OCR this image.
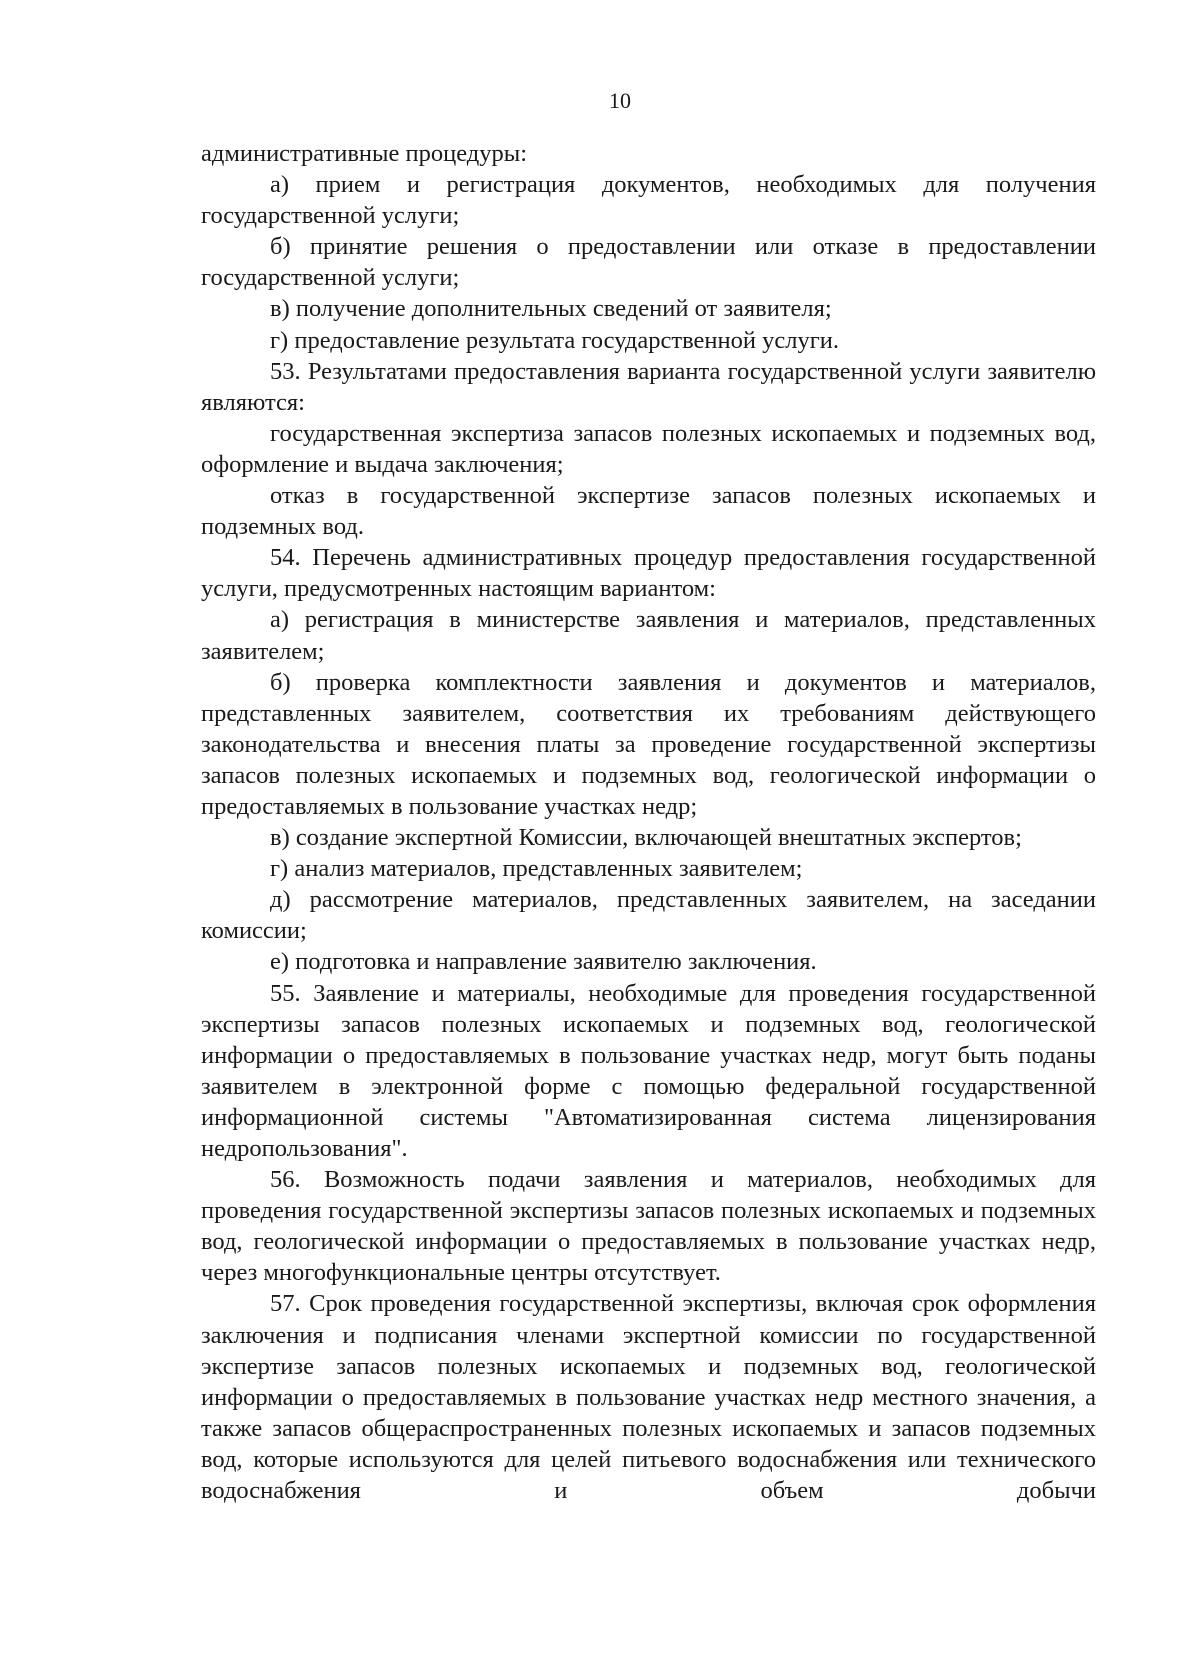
10

административные процедуры:

а) прием и регистрация документов, необходимых для получения государственной услуги;

б) принятие решения о предоставлении или отказе в предоставлении государственной услуги;

в) получение дополнительных сведений от заявителя;

г) предоставление результата государственной услуги.

53. Результатами предоставления варианта государственной услуги заявителю являются:

государственная экспертиза запасов полезных ископаемых и подземных вод, оформление и выдача заключения;

отказ в государственной экспертизе запасов полезных ископаемых и подземных вод.

54. Перечень административных процедур предоставления государственной услуги, предусмотренных настоящим вариантом:

а) регистрация в министерстве заявления и материалов, представленных заявителем;

б) проверка комплектности заявления и документов и материалов, представленных заявителем, соответствия их требованиям действующего законодательства и внесения платы за проведение государственной экспертизы запасов полезных ископаемых и подземных вод, геологической информации о предоставляемых в пользование участках недр;

в) создание экспертной Комиссии, включающей внештатных экспертов;

г) анализ материалов, представленных заявителем;

д) рассмотрение материалов, представленных заявителем, на заседании комиссии;

е) подготовка и направление заявителю заключения.

55. Заявление и материалы, необходимые для проведения государственной экспертизы запасов полезных ископаемых и подземных вод, геологической информации о предоставляемых в пользование участках недр, могут быть поданы заявителем в электронной форме с помощью федеральной государственной информационной системы "Автоматизированная система лицензирования недропользования".

56. Возможность подачи заявления и материалов, необходимых для проведения государственной экспертизы запасов полезных ископаемых и подземных вод, геологической информации о предоставляемых в пользование участках недр, через многофункциональные центры отсутствует.

57. Срок проведения государственной экспертизы, включая срок оформления заключения и подписания членами экспертной комиссии по государственной экспертизе запасов полезных ископаемых и подземных вод, геологической информации о предоставляемых в пользование участках недр местного значения, а также запасов общераспространенных полезных ископаемых и запасов подземных вод, которые используются для целей питьевого водоснабжения или технического водоснабжения и объем добычи
